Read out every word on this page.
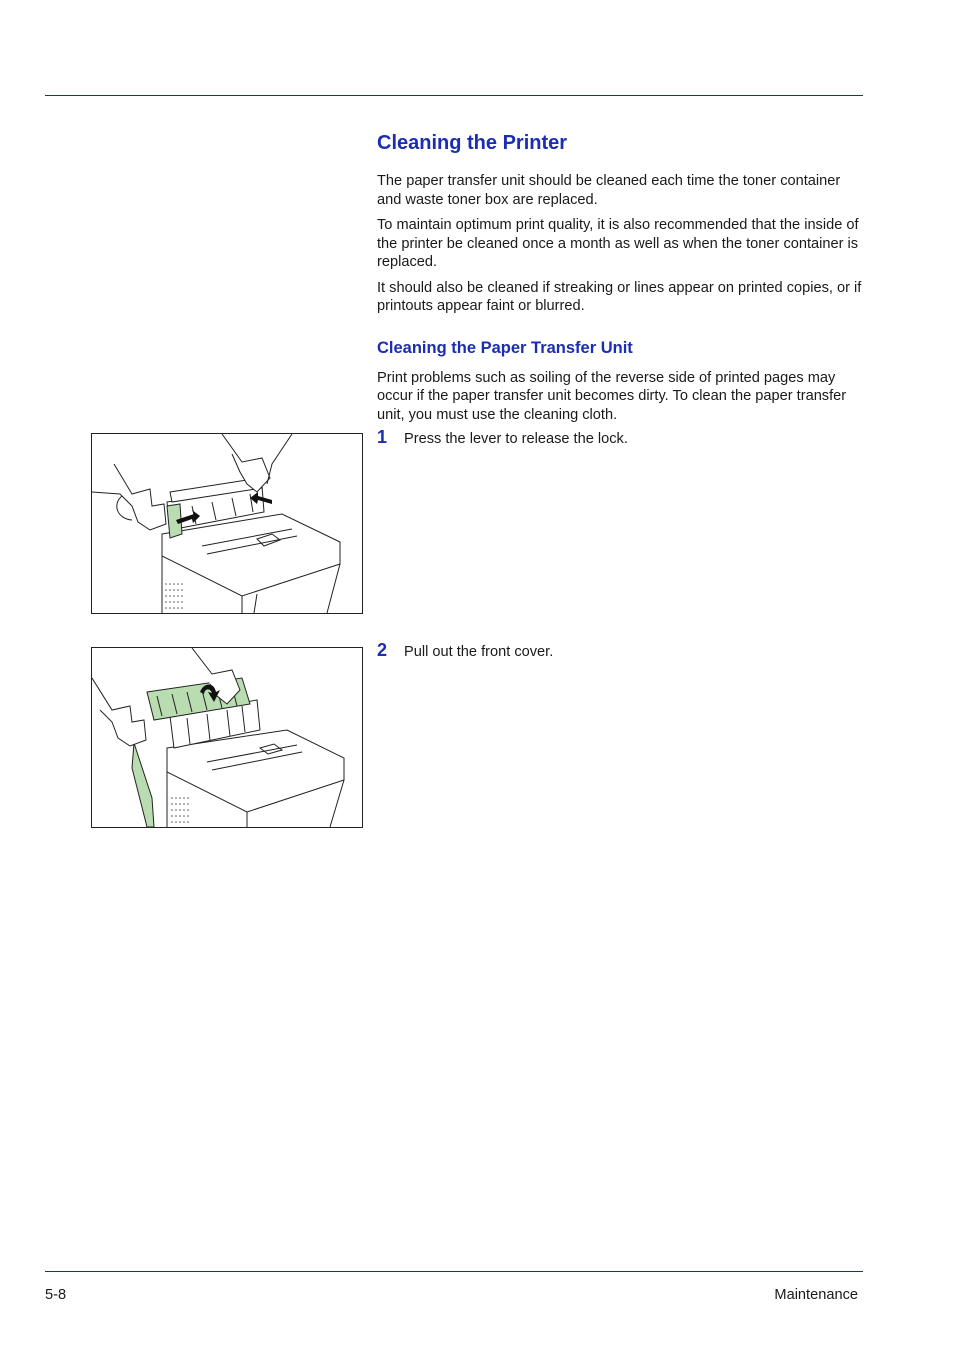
Cleaning the Printer

The paper transfer unit should be cleaned each time the toner container and waste toner box are replaced.

To maintain optimum print quality, it is also recommended that the inside of the printer be cleaned once a month as well as when the toner container is replaced.

It should also be cleaned if streaking or lines appear on printed copies, or if printouts appear faint or blurred.

Cleaning the Paper Transfer Unit

Print problems such as soiling of the reverse side of printed pages may occur if the paper transfer unit becomes dirty. To clean the paper transfer unit, you must use the cleaning cloth.

1 Press the lever to release the lock.
2 Pull out the front cover.
5-8	Maintenance
